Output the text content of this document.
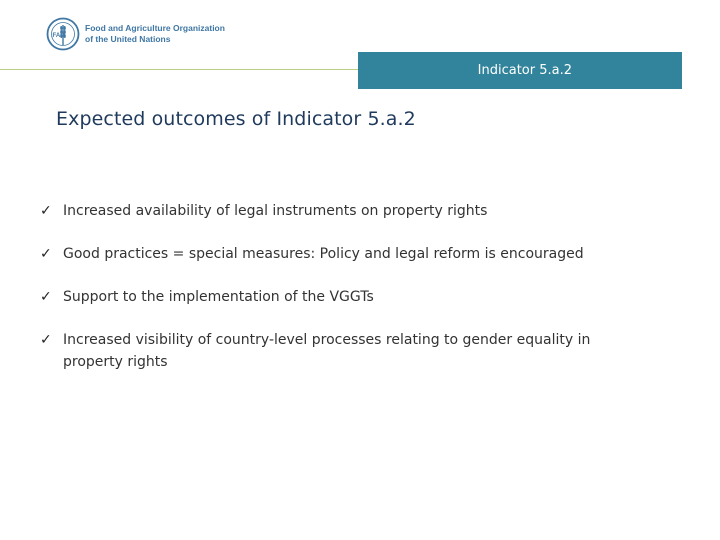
FAO
Food and Agriculture Organization
of the United Nations
Indicator 5.a.2
Expected outcomes of Indicator 5.a.2
✓ Increased availability of legal instruments on property rights
✓ Good practices = special measures: Policy and legal reform is encouraged
✓ Support to the implementation of the VGGTs
✓ Increased visibility of country-level processes relating to gender equality in property rights
